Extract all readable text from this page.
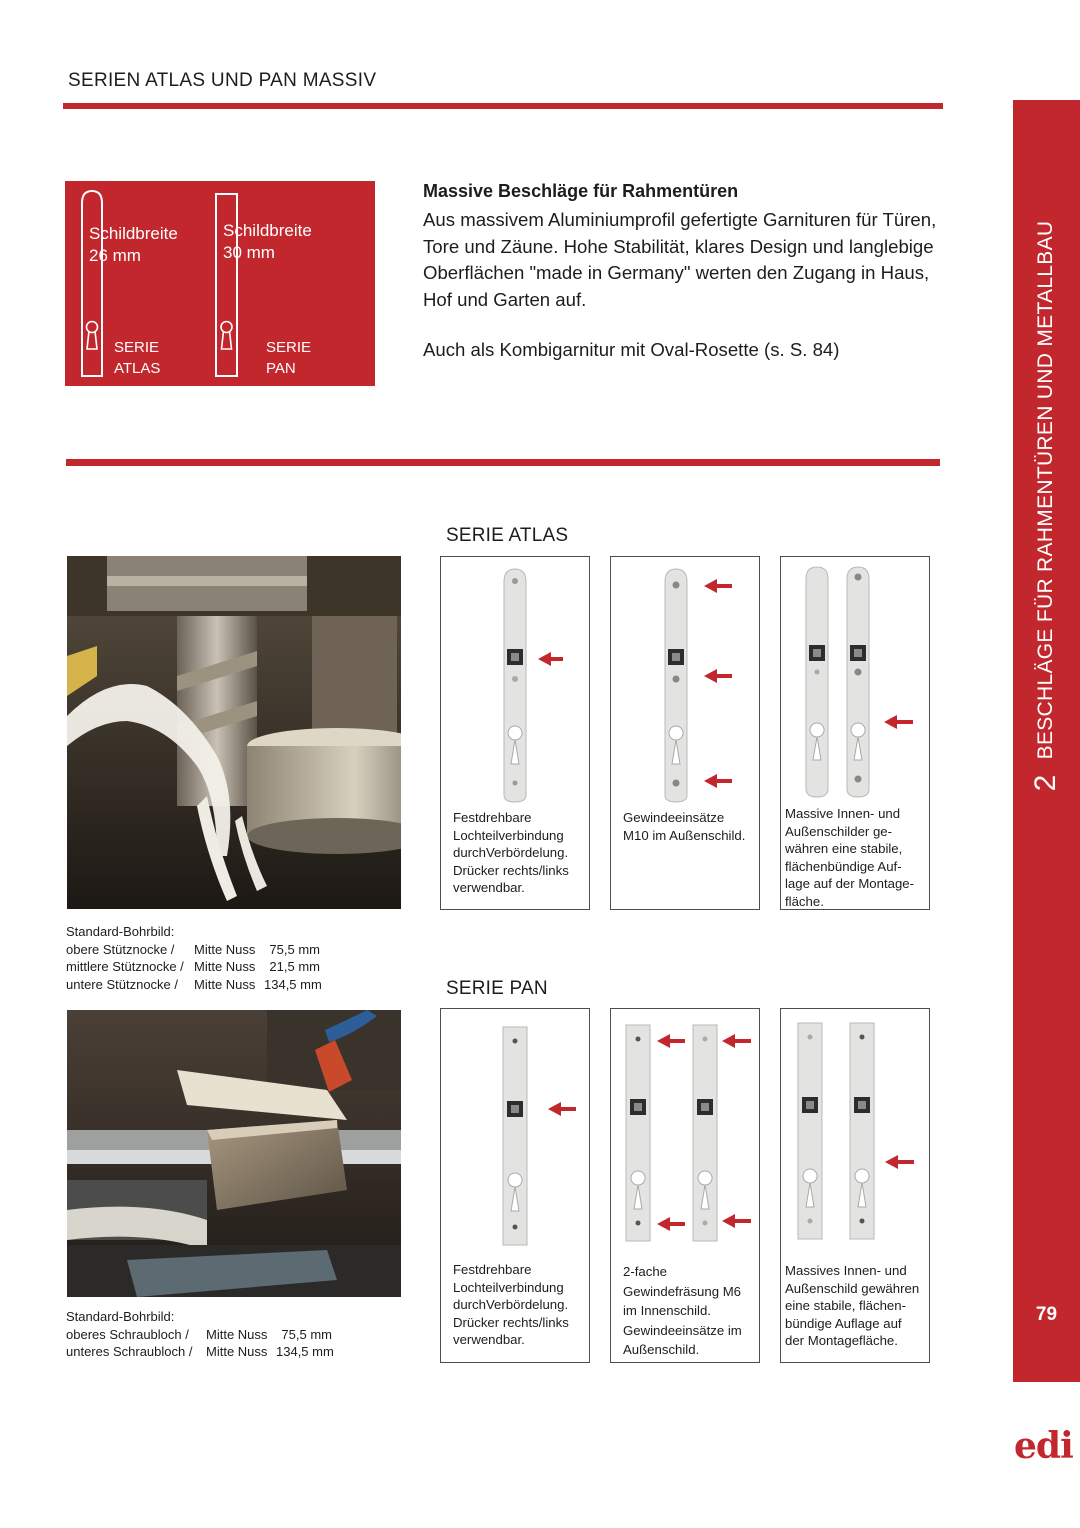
SERIEN ATLAS UND PAN MASSIV
Schildbreite
26 mm
Schildbreite
30 mm
SERIE
ATLAS
SERIE
PAN
Massive Beschläge für Rahmentüren
Aus massivem Aluminiumprofil gefertigte Garnituren für Türen, Tore und Zäune. Hohe Stabilität, klares Design und langlebige Oberflächen "made in Germany" werten den Zugang in Haus, Hof und Garten auf.
Auch als Kombigarnitur mit Oval-Rosette (s. S. 84)
SERIE ATLAS
Standard-Bohrbild:
obere Stütznocke /	Mitte Nuss	75,5 mm
mittlere Stütznocke / Mitte Nuss	21,5 mm
untere Stütznocke /	Mitte Nuss 134,5 mm
Festdrehbare
Lochteilverbindung
durchVerbördelung.
Drücker rechts/links
verwendbar.
Gewindeeinsätze
M10 im Außenschild.
Massive Innen- und
Außenschilder ge-
währen eine stabile,
flächenbündige Auf-
lage auf der Montage-
fläche.
SERIE PAN
Standard-Bohrbild:
oberes Schraubloch /	Mitte Nuss	75,5 mm
unteres Schraubloch /	Mitte Nuss 134,5 mm
Festdrehbare
Lochteilverbindung
durchVerbördelung.
Drücker rechts/links
verwendbar.
2-fache
Gewindefräsung M6
im Innenschild.
Gewindeeinsätze im
Außenschild.
Massives Innen- und
Außenschild gewähren
eine stabile, flächen-
bündige Auflage auf
der Montagefläche.
BESCHLÄGE FÜR RAHMENTÜREN UND METALLBAU
2
79
edi
